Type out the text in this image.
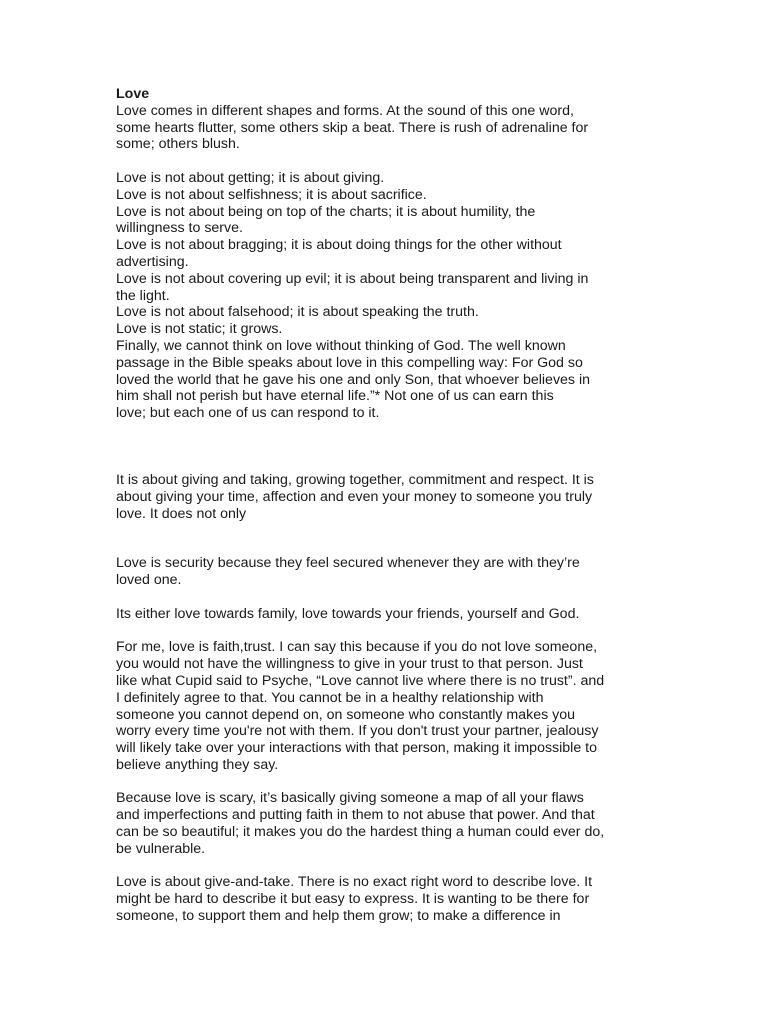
Love

Love comes in different shapes and forms. At the sound of this one word,
some hearts flutter, some others skip a beat. There is rush of adrenaline for
some; others blush.

Love is not about getting; it is about giving.
Love is not about selfishness; it is about sacrifice.
Love is not about being on top of the charts; it is about humility, the
willingness to serve.
Love is not about bragging; it is about doing things for the other without
advertising.
Love is not about covering up evil; it is about being transparent and living in
the light.
Love is not about falsehood; it is about speaking the truth.
Love is not static; it grows.
Finally, we cannot think on love without thinking of God. The well known
passage in the Bible speaks about love in this compelling way: For God so
loved the world that he gave his one and only Son, that whoever believes in
him shall not perish but have eternal life.”* Not one of us can earn this
love; but each one of us can respond to it.

It is about giving and taking, growing together, commitment and respect. It is
about giving your time, affection and even your money to someone you truly
love. It does not only

Love is security because they feel secured whenever they are with they’re
loved one.

Its either love towards family, love towards your friends, yourself and God.

For me, love is faith,trust. I can say this because if you do not love someone,
you would not have the willingness to give in your trust to that person. Just
like what Cupid said to Psyche, “Love cannot live where there is no trust”. and
I definitely agree to that. You cannot be in a healthy relationship with
someone you cannot depend on, on someone who constantly makes you
worry every time you're not with them. If you don't trust your partner, jealousy
will likely take over your interactions with that person, making it impossible to
believe anything they say.

Because love is scary, it’s basically giving someone a map of all your flaws
and imperfections and putting faith in them to not abuse that power. And that
can be so beautiful; it makes you do the hardest thing a human could ever do,
be vulnerable.

Love is about give-and-take. There is no exact right word to describe love. It
might be hard to describe it but easy to express. It is wanting to be there for
someone, to support them and help them grow; to make a difference in
